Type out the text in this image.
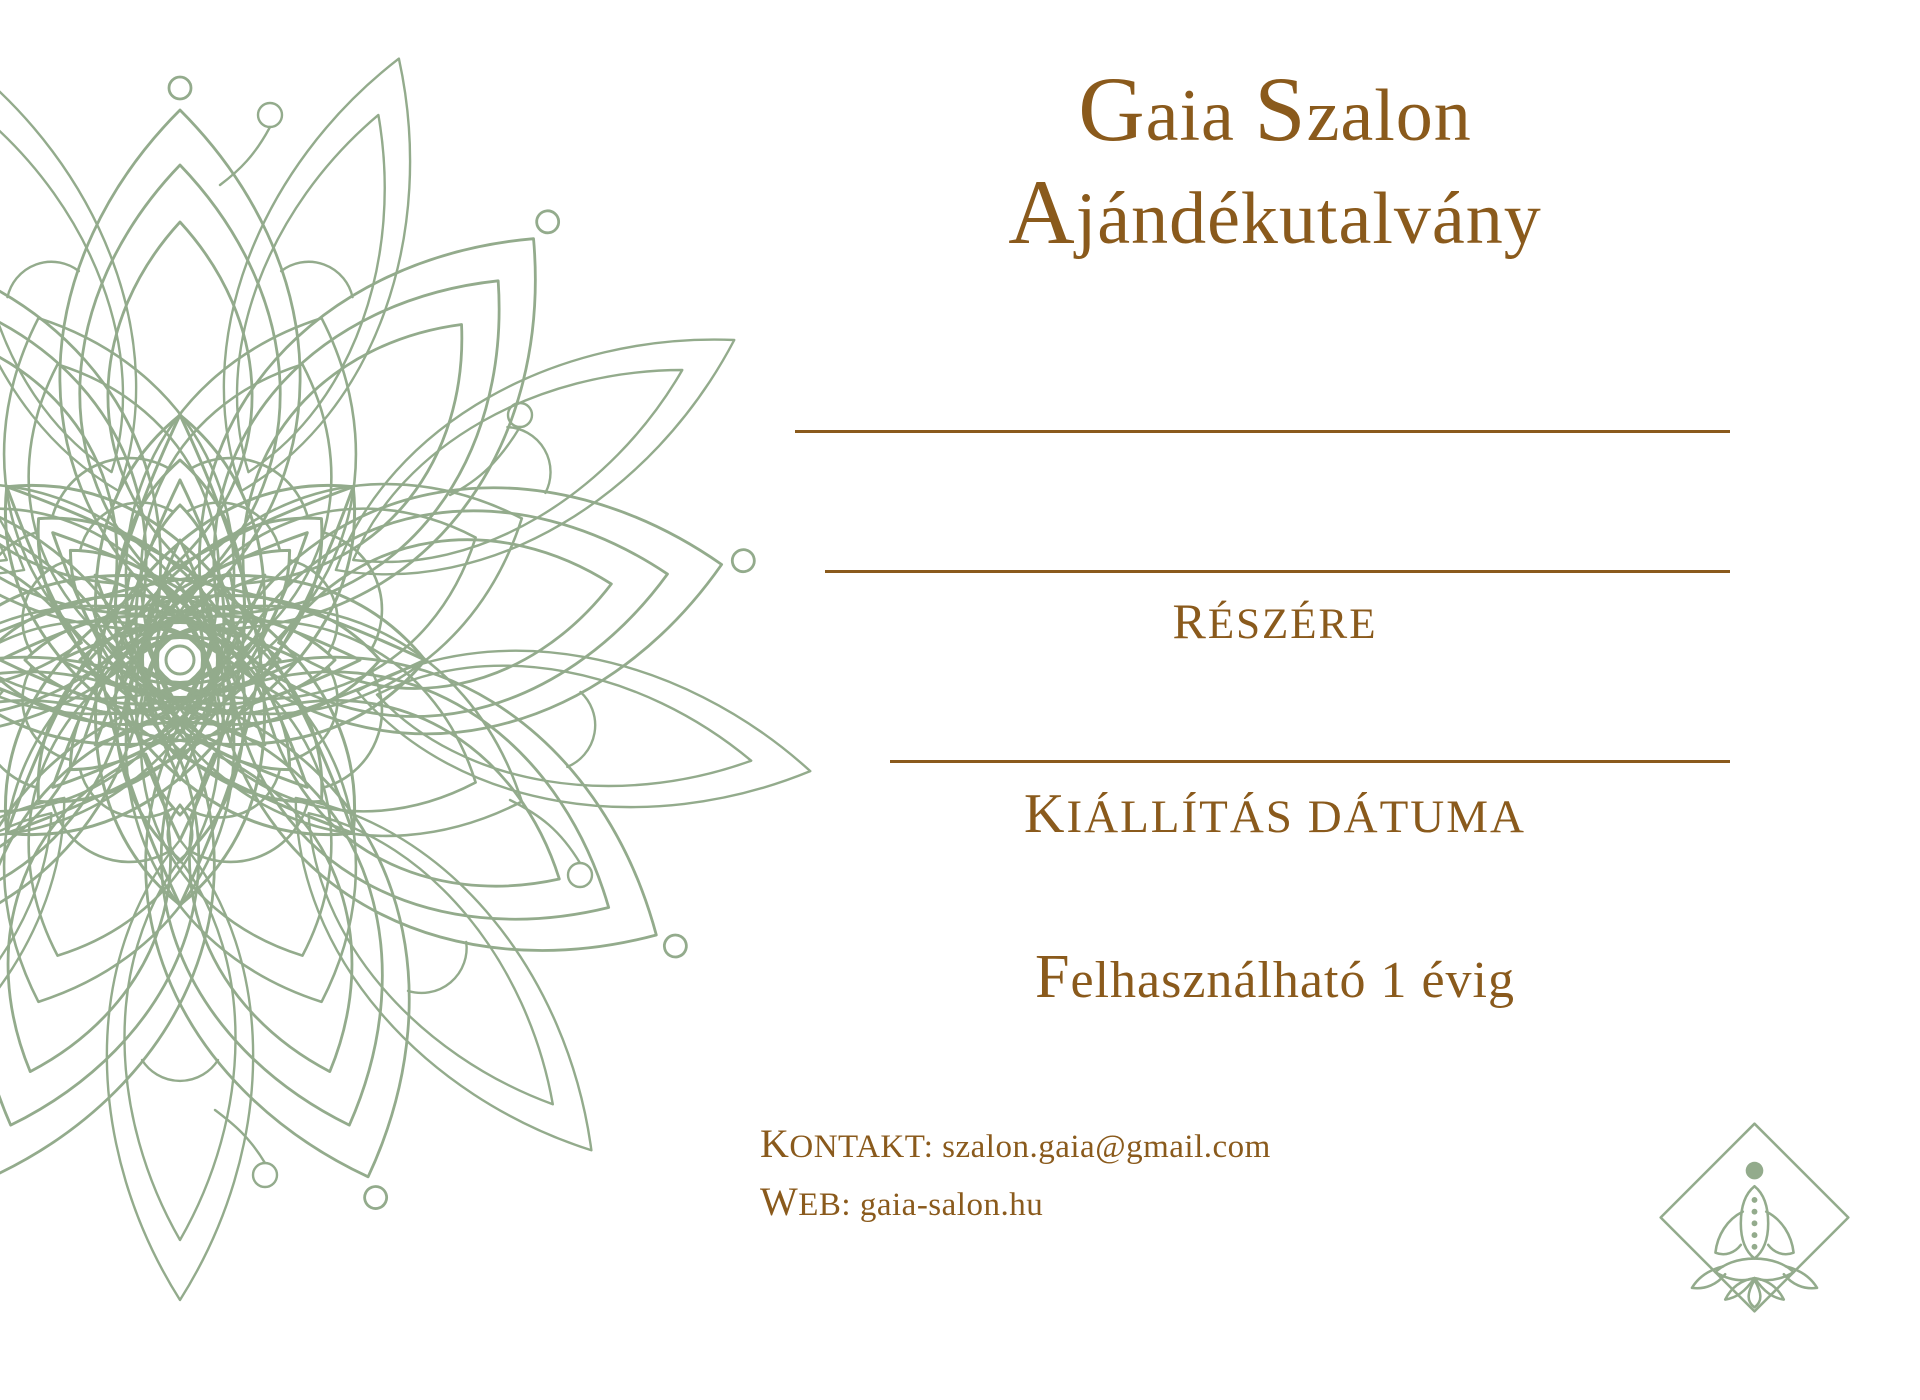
Gaia Szalon
Ajándékutalvány
RÉSZÉRE
KIÁLLÍTÁS DÁTUMA
Felhasználható 1 évig
KONTAKT: szalon.gaia@gmail.com
WEB: gaia-salon.hu
